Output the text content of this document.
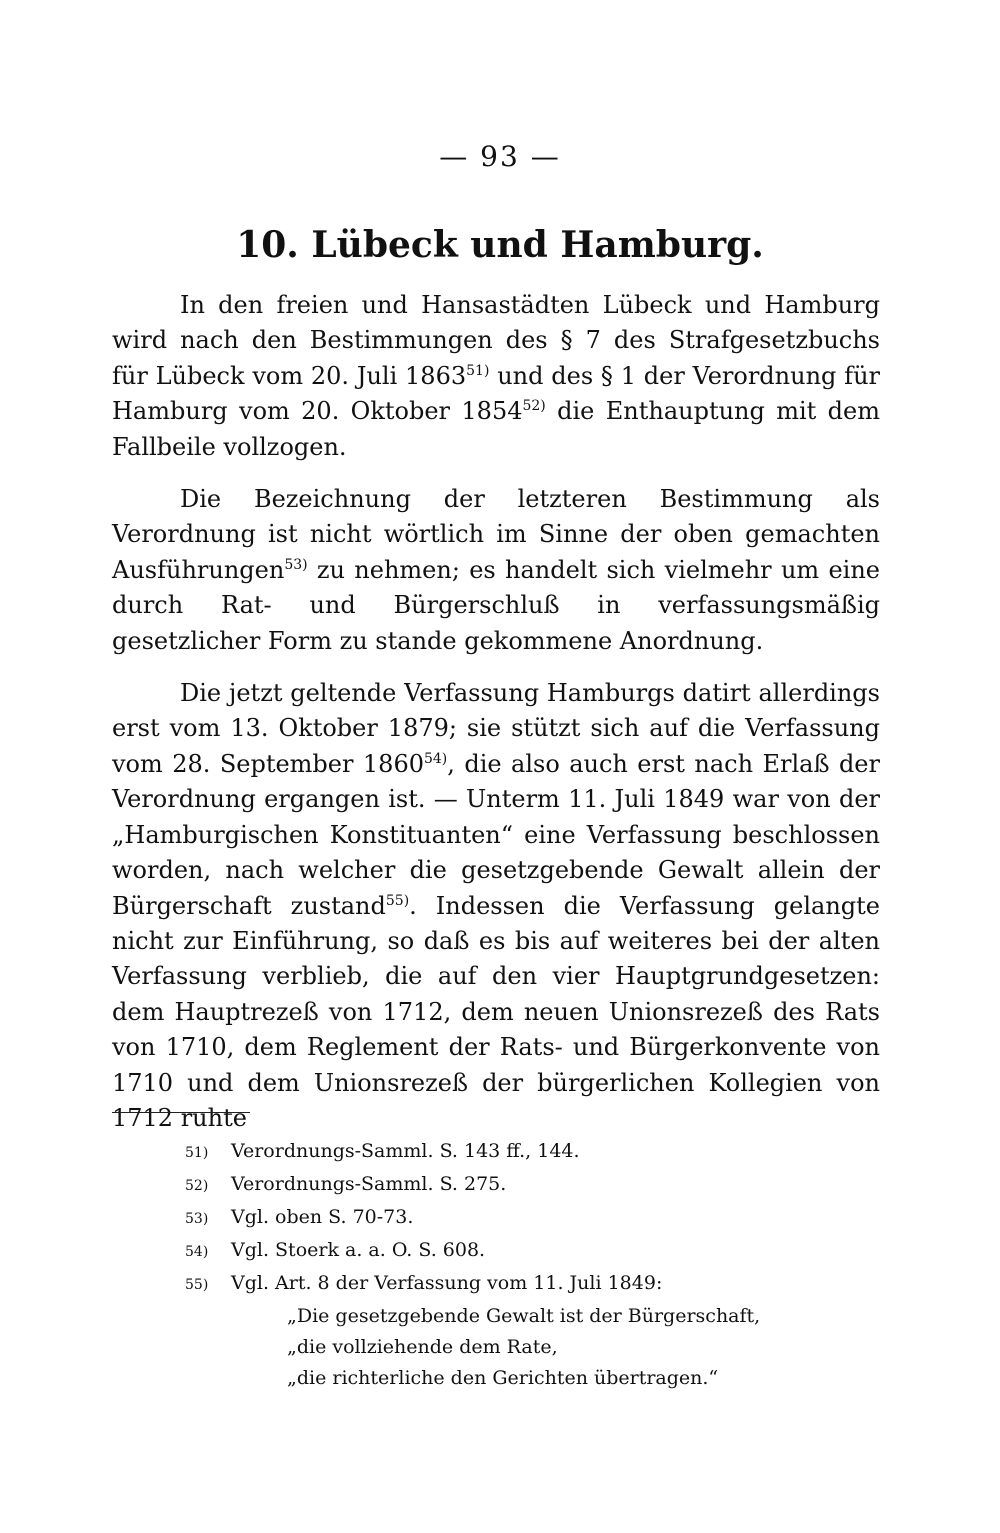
— 93 —
10. Lübeck und Hamburg.

In den freien und Hansastädten Lübeck und Hamburg wird nach den Bestimmungen des § 7 des Strafgesetzbuchs für Lübeck vom 20. Juli 1863$^{51)}$ und des § 1 der Verordnung für Hamburg vom 20. Oktober 1854$^{52)}$ die Enthauptung mit dem Fallbeile vollzogen.

Die Bezeichnung der letzteren Bestimmung als Verordnung ist nicht wörtlich im Sinne der oben gemachten Ausführungen$^{53)}$ zu nehmen; es handelt sich vielmehr um eine durch Rat- und Bürgerschluß in verfassungsmäßig gesetzlicher Form zu stande gekommene Anordnung.

Die jetzt geltende Verfassung Hamburgs datirt allerdings erst vom 13. Oktober 1879; sie stützt sich auf die Verfassung vom 28. September 1860$^{54)}$, die also auch erst nach Erlaß der Verordnung ergangen ist. — Unterm 11. Juli 1849 war von der „Hamburgischen Konstituanten“ eine Verfassung beschlossen worden, nach welcher die gesetzgebende Gewalt allein der Bürgerschaft zustand$^{55)}$. Indessen die Verfassung gelangte nicht zur Einführung, so daß es bis auf weiteres bei der alten Verfassung verblieb, die auf den vier Hauptgrundgesetzen: dem Hauptrezeß von 1712, dem neuen Unionsrezeß des Rats von 1710, dem Reglement der Rats- und Bürgerkonvente von 1710 und dem Unionsrezeß der bürgerlichen Kollegien von 1712 ruhte

51)	Verordnungs-Samml. S. 143 ff., 144.
52)	Verordnungs-Samml. S. 275.
53)	Vgl. oben S. 70-73.
54)	Vgl. Stoerk a. a. O. S. 608.
55)	Vgl. Art. 8 der Verfassung vom 11. Juli 1849:
„Die gesetzgebende Gewalt ist der Bürgerschaft,
„die vollziehende dem Rate,
„die richterliche den Gerichten übertragen.“
